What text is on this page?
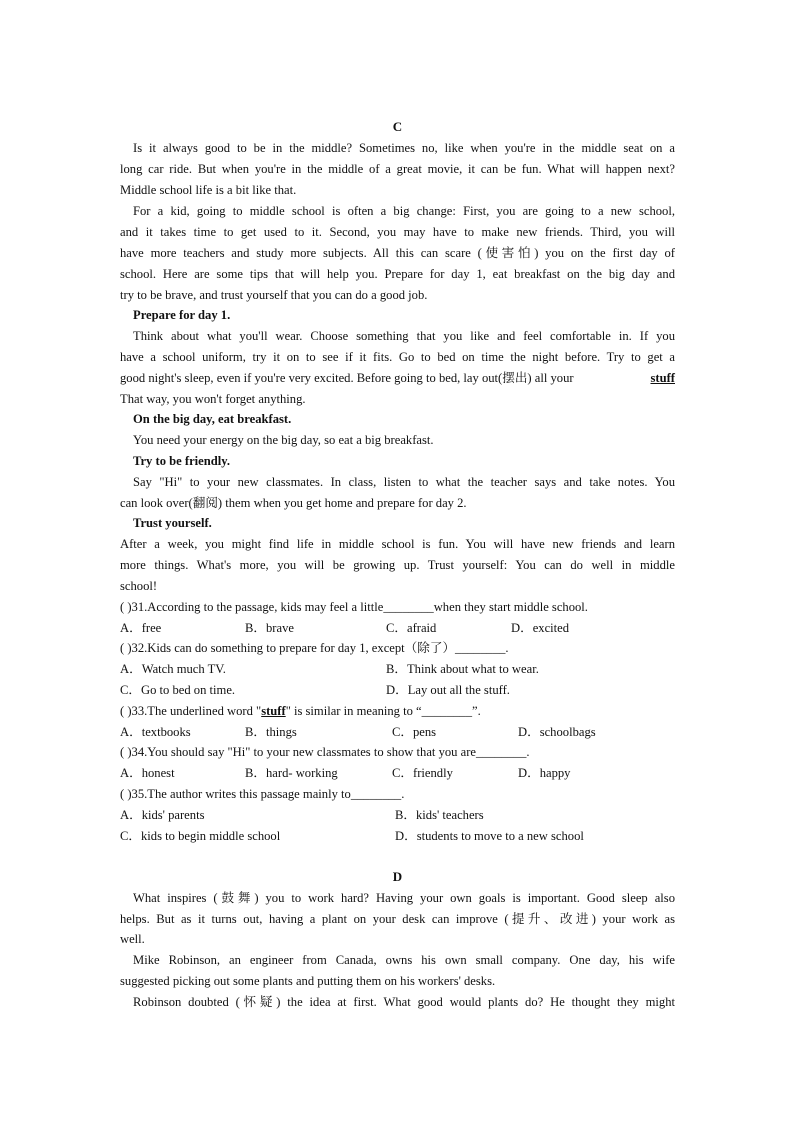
C
Is it always good to be in the middle? Sometimes no, like when you're in the middle seat on a
long car ride. But when you're in the middle of a great movie, it can be fun. What will happen next?
Middle school life is a bit like that.
For a kid, going to middle school is often a big change: First, you are going to a new school,
and it takes time to get used to it. Second, you may have to make new friends. Third, you will
have more teachers and study more subjects. All this can scare (使害怕) you on the first day of
school. Here are some tips that will help you. Prepare for day 1, eat breakfast on the big day and
try to be brave, and trust yourself that you can do a good job.
Prepare for day 1.
Think about what you'll wear. Choose something that you like and feel comfortable in. If you
have a school uniform, try it on to see if it fits. Go to bed on time the night before. Try to get a
good night's sleep, even if you're very excited. Before going to bed, lay out(摆出) all your	stuff
That way, you won't forget anything.
On the big day, eat breakfast.
You need your energy on the big day, so eat a big breakfast.
Try to be friendly.
Say "Hi" to your new classmates. In class, listen to what the teacher says and take notes. You
can look over(翻阅) them when you get home and prepare for day 2.
Trust yourself.
After a week, you might find life in middle school is fun. You will have new friends and learn
more things. What's more, you will be growing up. Trust yourself: You can do well in middle
school!
( )31.According to the passage, kids may feel a little________when they start middle school.
A．free	B．brave	C．afraid	D．excited
( )32.Kids can do something to prepare for day 1, except（除了）________.
A．Watch much TV.	B．Think about what to wear.
C．Go to bed on time.	D．Lay out all the stuff.
( )33.The underlined word "stuff" is similar in meaning to “________”.
A．textbooks	B．things	C．pens	D．schoolbags
( )34.You should say "Hi" to your new classmates to show that you are________.
A．honest	B．hard- working	C．friendly	D．happy
( )35.The author writes this passage mainly to________.
A．kids' parents	B．kids' teachers
C．kids to begin middle school	D．students to move to a new school
D
What inspires (鼓舞) you to work hard? Having your own goals is important. Good sleep also
helps. But as it turns out, having a plant on your desk can improve (提升、改进) your work as
well.
Mike Robinson, an engineer from Canada, owns his own small company. One day, his wife
suggested picking out some plants and putting them on his workers' desks.
Robinson doubted (怀疑) the idea at first. What good would plants do? He thought they might
